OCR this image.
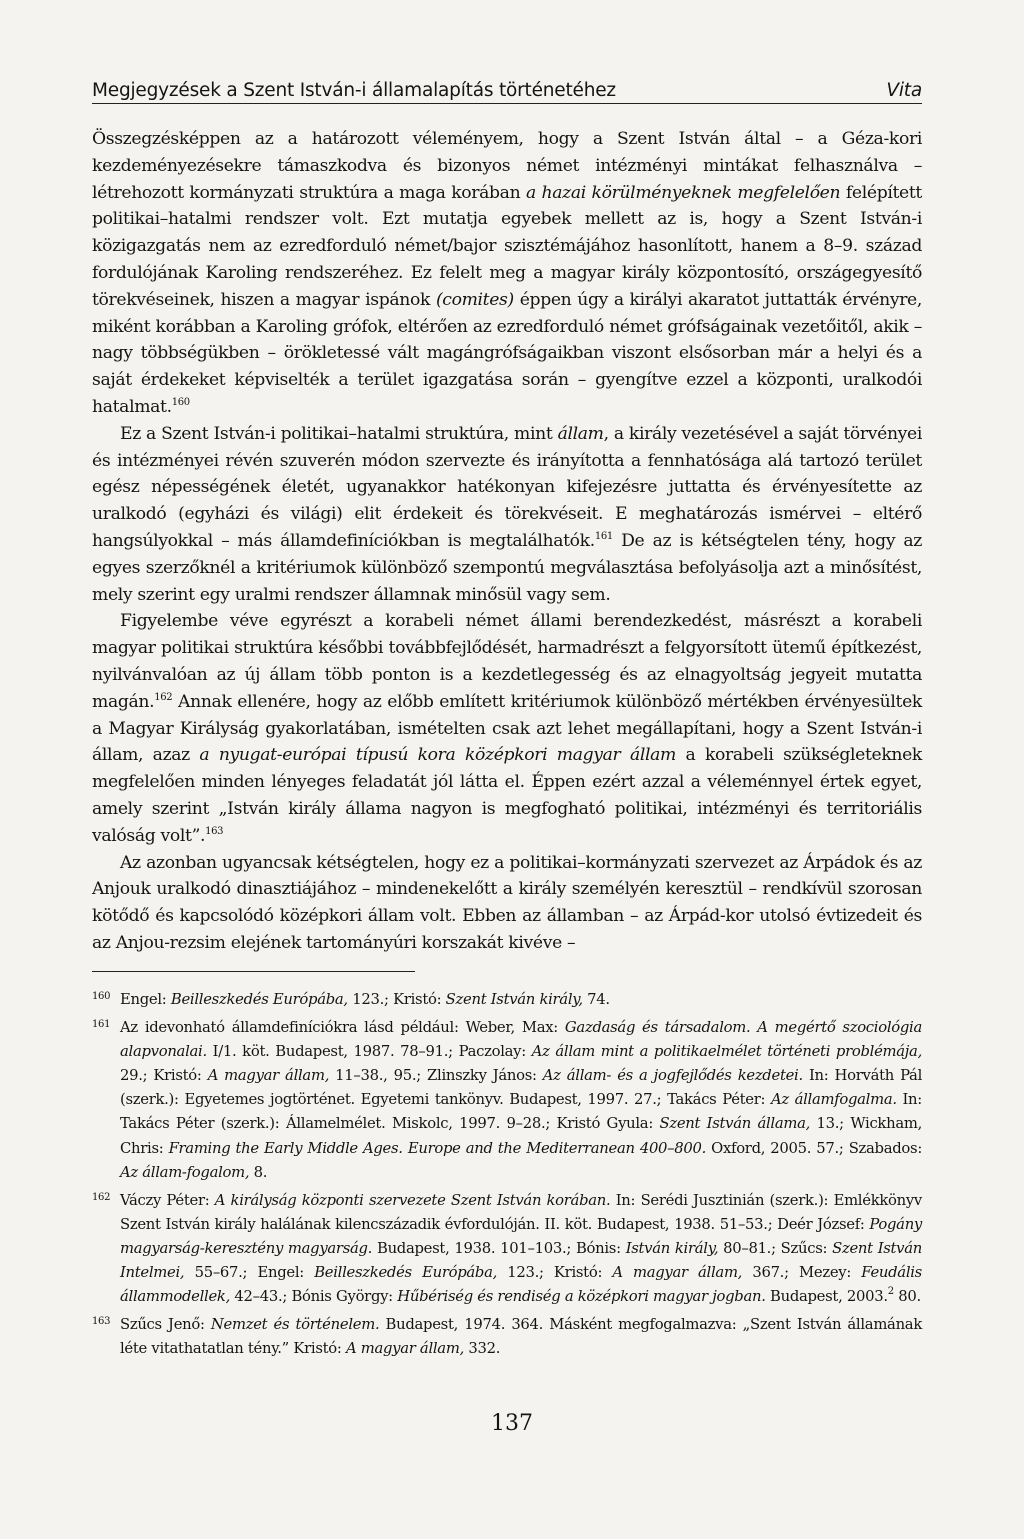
Megjegyzések a Szent István-i államalapítás történetéhez	Vita

Összegzésképpen az a határozott véleményem, hogy a Szent István által – a Géza-kori kezdeményezésekre támaszkodva és bizonyos német intézményi mintákat felhasználva – létrehozott kormányzati struktúra a maga korában a hazai körülményeknek megfelelően felépített politikai–hatalmi rendszer volt. Ezt mutatja egyebek mellett az is, hogy a Szent István-i közigazgatás nem az ezredforduló német/bajor szisztémájához hasonlított, hanem a 8–9. század fordulójának Karoling rendszeréhez. Ez felelt meg a magyar király központosító, országegyesítő törekvéseinek, hiszen a magyar ispánok (comites) éppen úgy a királyi akaratot juttatták érvényre, miként korábban a Karoling grófok, eltérően az ezredforduló német grófságainak vezetőitől, akik – nagy többségükben – örökletessé vált magángrófságaikban viszont elsősorban már a helyi és a saját érdekeket képviselték a terület igazgatása során – gyengítve ezzel a központi, uralkodói hatalmat.$^{160}$

Ez a Szent István-i politikai–hatalmi struktúra, mint állam, a király vezetésével a saját törvényei és intézményei révén szuverén módon szervezte és irányította a fennhatósága alá tartozó terület egész népességének életét, ugyanakkor hatékonyan kifejezésre juttatta és érvényesítette az uralkodó (egyházi és világi) elit érdekeit és törekvéseit. E meghatározás ismérvei – eltérő hangsúlyokkal – más államdefiníciókban is megtalálhatók.$^{161}$ De az is kétségtelen tény, hogy az egyes szerzőknél a kritériumok különböző szempontú megválasztása befolyásolja azt a minősítést, mely szerint egy uralmi rendszer államnak minősül vagy sem.

Figyelembe véve egyrészt a korabeli német állami berendezkedést, másrészt a korabeli magyar politikai struktúra későbbi továbbfejlődését, harmadrészt a felgyorsított ütemű építkezést, nyilvánvalóan az új állam több ponton is a kezdetlegesség és az elnagyoltság jegyeit mutatta magán.$^{162}$ Annak ellenére, hogy az előbb említett kritériumok különböző mértékben érvényesültek a Magyar Királyság gyakorlatában, ismételten csak azt lehet megállapítani, hogy a Szent István-i állam, azaz a nyugat-európai típusú kora középkori magyar állam a korabeli szükségleteknek megfelelően minden lényeges feladatát jól látta el. Éppen ezért azzal a véleménnyel értek egyet, amely szerint „István király állama nagyon is megfogható politikai, intézményi és territoriális valóság volt”.$^{163}$

Az azonban ugyancsak kétségtelen, hogy ez a politikai–kormányzati szervezet az Árpádok és az Anjouk uralkodó dinasztiájához – mindenekelőtt a király személyén keresztül – rendkívül szorosan kötődő és kapcsolódó középkori állam volt. Ebben az államban – az Árpád-kor utolsó évtizedeit és az Anjou-rezsim elejének tartományúri korszakát kivéve –

160 Engel: Beilleszkedés Európába, 123.; Kristó: Szent István király, 74.
161 Az idevonható államdefiníciókra lásd például: Weber, Max: Gazdaság és társadalom. A megértő szociológia alapvonalai. I/1. köt. Budapest, 1987. 78–91.; Paczolay: Az állam mint a politikaelmélet történeti problémája, 29.; Kristó: A magyar állam, 11–38., 95.; Zlinszky János: Az állam- és a jogfejlődés kezdetei. In: Horváth Pál (szerk.): Egyetemes jogtörténet. Egyetemi tankönyv. Budapest, 1997. 27.; Takács Péter: Az államfogalma. In: Takács Péter (szerk.): Államelmélet. Miskolc, 1997. 9–28.; Kristó Gyula: Szent István állama, 13.; Wickham, Chris: Framing the Early Middle Ages. Europe and the Mediterranean 400–800. Oxford, 2005. 57.; Szabados: Az állam-fogalom, 8.
162 Váczy Péter: A királyság központi szervezete Szent István korában. In: Serédi Jusztinián (szerk.): Emlékkönyv Szent István király halálának kilencszázadik évfordulóján. II. köt. Budapest, 1938. 51–53.; Deér József: Pogány magyarság-keresztény magyarság. Budapest, 1938. 101–103.; Bónis: István király, 80–81.; Szűcs: Szent István Intelmei, 55–67.; Engel: Beilleszkedés Európába, 123.; Kristó: A magyar állam, 367.; Mezey: Feudális állammodellek, 42–43.; Bónis György: Hűbériség és rendiség a középkori magyar jogban. Budapest, 2003.$^2$ 80.
163 Szűcs Jenő: Nemzet és történelem. Budapest, 1974. 364. Másként megfogalmazva: „Szent István államának léte vitathatatlan tény.” Kristó: A magyar állam, 332.
137
